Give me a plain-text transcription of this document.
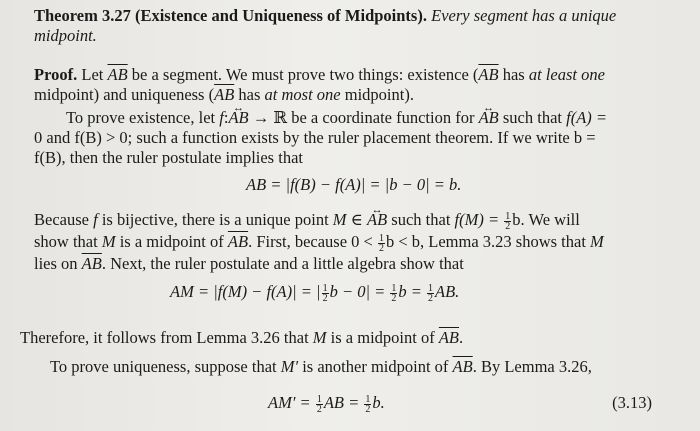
Theorem 3.27 (Existence and Uniqueness of Midpoints). Every segment has a unique
midpoint.
Proof. Let $\overline{AB}$ be a segment. We must prove two things: existence ($\overline{AB}$ has at least one
midpoint) and uniqueness ($\overline{AB}$ has at most one midpoint).
To prove existence, let f:↔ AB → ℝ be a coordinate function for ↔ AB such that f(A) =
0 and f(B) > 0; such a function exists by the ruler placement theorem. If we write b =
f(B), then the ruler postulate implies that
AB = |f(B) − f(A)| = |b − 0| = b.
Because f is bijective, there is a unique point M ∈ ↔ AB such that $f(M) = \frac{1}{2} b$. We will
show that M is a midpoint of $\overline{AB}$. First, because $0 < \frac{1}{2}$ b < b, Lemma 3.23 shows that M
lies on $\overline{AB}$. Next, the ruler postulate and a little algebra show that
AM = |f(M) − f(A)| = | $\frac{1}{2}$ $b - 0| = \frac{1}{2}$ $b = \frac{1}{2}$ AB.
Therefore, it follows from Lemma 3.26 that M is a midpoint of $\overline{AB}$.
To prove uniqueness, suppose that M′ is another midpoint of $\overline{AB}$. By Lemma 3.26,
$AM' = \frac{1}{2}$ AB = $\frac{1}{2} b$.	(3.13)
